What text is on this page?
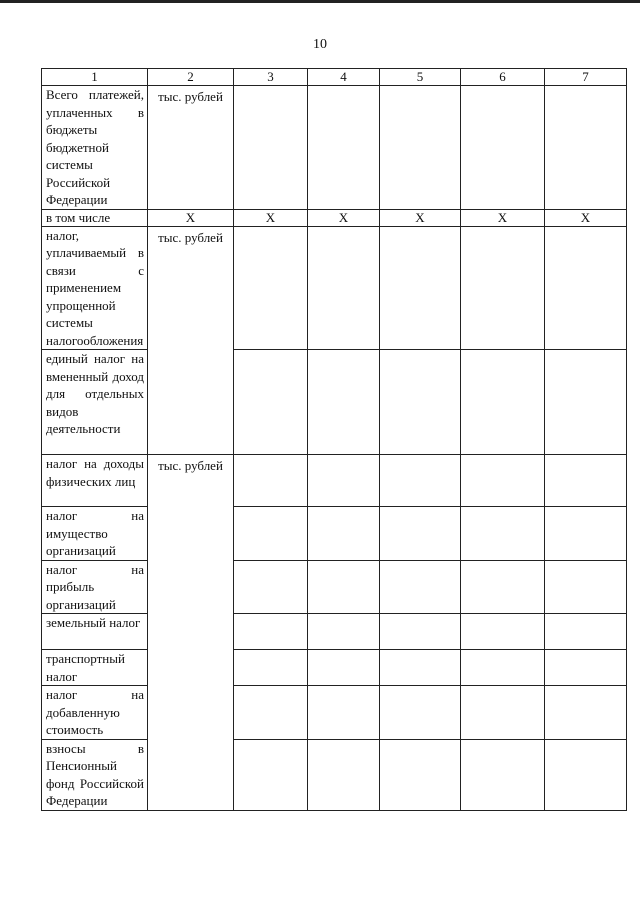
10
1	2	3	4	5	6	7
Всего платежей, уплаченных в бюджеты бюджетной системы Российской Федерации	тыс. рублей					
в том числе	X	X	X	X	X	X
налог, уплачиваемый в связи с применением упрощенной системы налогообложения	тыс. рублей					
единый налог на вмененный доход для отдельных видов деятельности						
налог на доходы физических лиц	тыс. рублей					
налог на имущество организаций						
налог на прибыль организаций						
земельный налог						
транспортный налог						
налог на добавленную стоимость						
взносы в Пенсионный фонд Российской Федерации						
